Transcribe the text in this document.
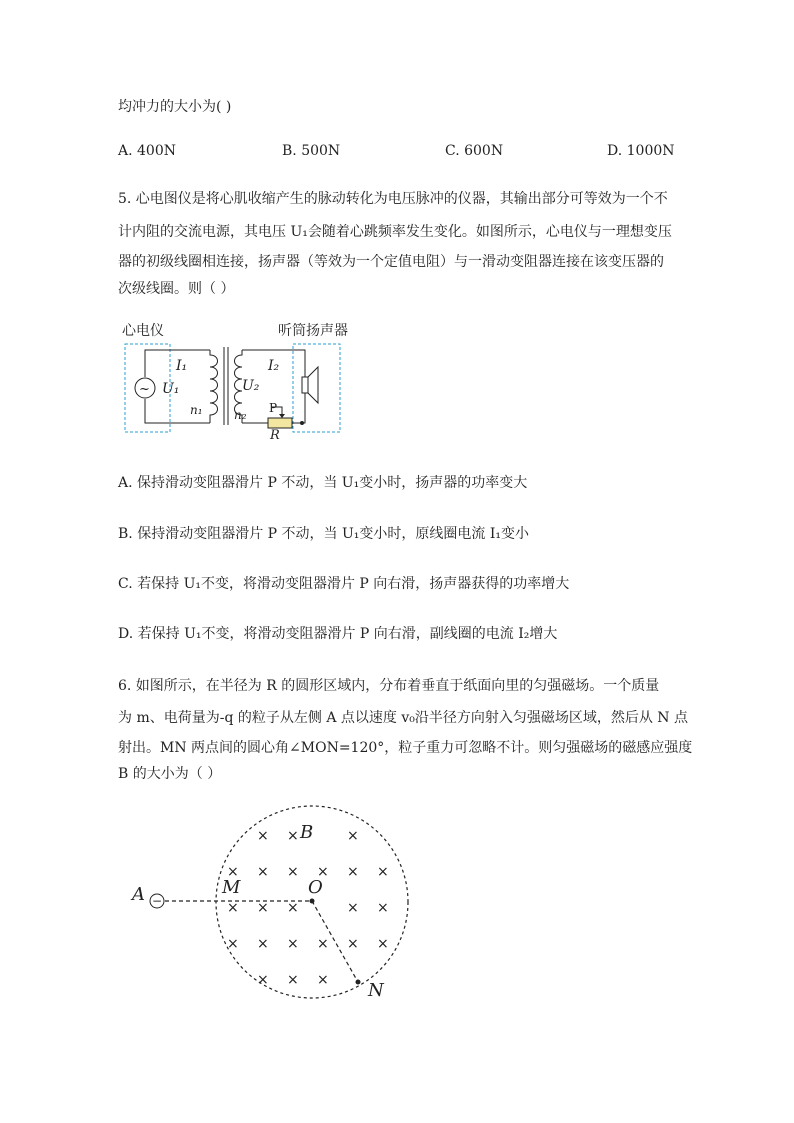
均冲力的大小为( )
A. 400N	B. 500N	C. 600N	D. 1000N
5. 心电图仪是将心肌收缩产生的脉动转化为电压脉冲的仪器，其输出部分可等效为一个不
计内阻的交流电源，其电压 U₁会随着心跳频率发生变化。如图所示，心电仪与一理想变压
器的初级线圈相连接，扬声器（等效为一个定值电阻）与一滑动变阻器连接在该变压器的
次级线圈。则（ ）
心电仪	听筒扬声器
~
I₁
U₁
n₁
U₂
I₂
n₂ P
R
A. 保持滑动变阻器滑片 P 不动，当 U₁变小时，扬声器的功率变大
B. 保持滑动变阻器滑片 P 不动，当 U₁变小时，原线圈电流 I₁变小
C. 若保持 U₁不变，将滑动变阻器滑片 P 向右滑，扬声器获得的功率增大
D. 若保持 U₁不变，将滑动变阻器滑片 P 向右滑，副线圈的电流 I₂增大
6. 如图所示，在半径为 R 的圆形区域内，分布着垂直于纸面向里的匀强磁场。一个质量
为 m、电荷量为-q 的粒子从左侧 A 点以速度 v₀沿半径方向射入匀强磁场区域，然后从 N 点
射出。MN 两点间的圆心角∠MON=120°，粒子重力可忽略不计。则匀强磁场的磁感应强度
B 的大小为（ ）
× ×	×
× × × × × ×
× × ×	× ×
× × × × × ×
× × ×
−
A	M	O
B
N
